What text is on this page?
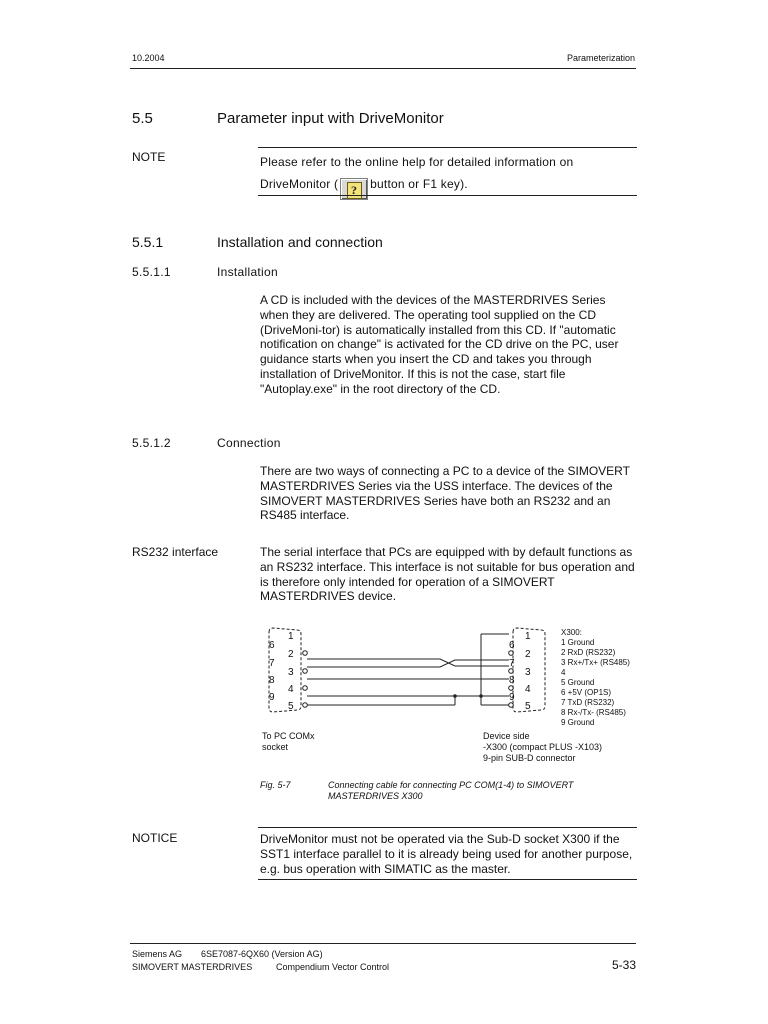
10.2004	Parameterization
5.5	Parameter input with DriveMonitor
NOTE	Please refer to the online help for detailed information on DriveMonitor ( ? button or F1 key).
5.5.1	Installation and connection
5.5.1.1	Installation
A CD is included with the devices of the MASTERDRIVES Series when they are delivered. The operating tool supplied on the CD (DriveMoni-tor) is automatically installed from this CD. If "automatic notification on change" is activated for the CD drive on the PC, user guidance starts when you insert the CD and takes you through installation of DriveMonitor. If this is not the case, start file "Autoplay.exe" in the root directory of the CD.
5.5.1.2	Connection
There are two ways of connecting a PC to a device of the SIMOVERT MASTERDRIVES Series via the USS interface. The devices of the SIMOVERT MASTERDRIVES Series have both an RS232 and an RS485 interface.
RS232 interface	The serial interface that PCs are equipped with by default functions as an RS232 interface. This interface is not suitable for bus operation and is therefore only intended for operation of a SIMOVERT MASTERDRIVES device.
1
2
3
4
5
6
7
8
9
1
2
3
4
5
6
7
8
9
X300:
1 Ground
2 RxD (RS232)
3 Rx+/Tx+ (RS485)
4
5 Ground
6 +5V (OP1S)
7 TxD (RS232)
8 Rx-/Tx- (RS485)
9 Ground
To PC COMx
socket
Device side
-X300 (compact PLUS -X103)
9-pin SUB-D connector
Fig. 5-7	Connecting cable for connecting PC COM(1-4) to SIMOVERT MASTERDRIVES X300
NOTICE	DriveMonitor must not be operated via the Sub-D socket X300 if the SST1 interface parallel to it is already being used for another purpose, e.g. bus operation with SIMATIC as the master.
Siemens AG 6SE7087-6QX60 (Version AG)
SIMOVERT MASTERDRIVES	Compendium Vector Control	5-33
